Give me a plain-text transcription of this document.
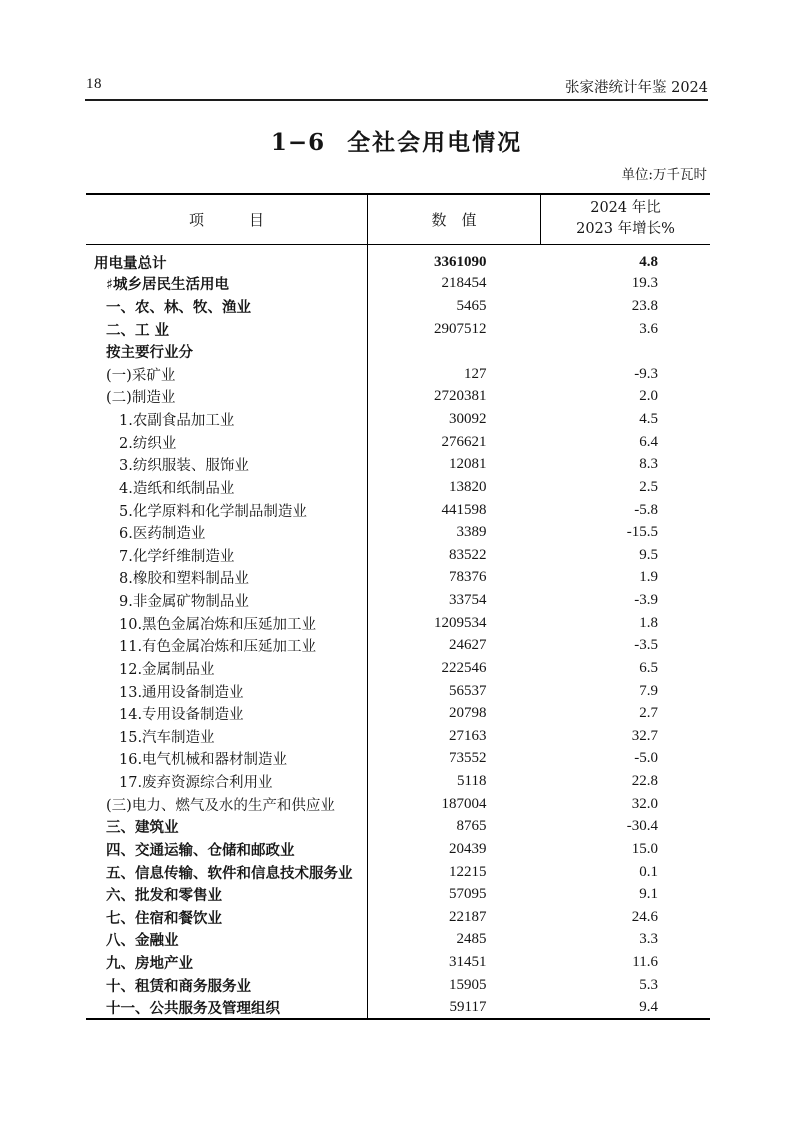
18	张家港统计年鉴 2024
1−6 全社会用电情况
单位:万千瓦时
项   目	数 值	2024 年比
2023 年增长%

用电量总计	3361090	4.8
♯城乡居民生活用电	218454	19.3
一、农、林、牧、渔业	5465	23.8
二、工 业	2907512	3.6
按主要行业分		
(一)采矿业	127	-9.3
(二)制造业	2720381	2.0
1.农副食品加工业	30092	4.5
2.纺织业	276621	6.4
3.纺织服装、服饰业	12081	8.3
4.造纸和纸制品业	13820	2.5
5.化学原料和化学制品制造业	441598	-5.8
6.医药制造业	3389	-15.5
7.化学纤维制造业	83522	9.5
8.橡胶和塑料制品业	78376	1.9
9.非金属矿物制品业	33754	-3.9
10.黑色金属冶炼和压延加工业	1209534	1.8
11.有色金属冶炼和压延加工业	24627	-3.5
12.金属制品业	222546	6.5
13.通用设备制造业	56537	7.9
14.专用设备制造业	20798	2.7
15.汽车制造业	27163	32.7
16.电气机械和器材制造业	73552	-5.0
17.废弃资源综合利用业	5118	22.8
(三)电力、燃气及水的生产和供应业	187004	32.0
三、建筑业	8765	-30.4
四、交通运输、仓储和邮政业	20439	15.0
五、信息传输、软件和信息技术服务业	12215	0.1
六、批发和零售业	57095	9.1
七、住宿和餐饮业	22187	24.6
八、金融业	2485	3.3
九、房地产业	31451	11.6
十、租赁和商务服务业	15905	5.3
十一、公共服务及管理组织	59117	9.4
